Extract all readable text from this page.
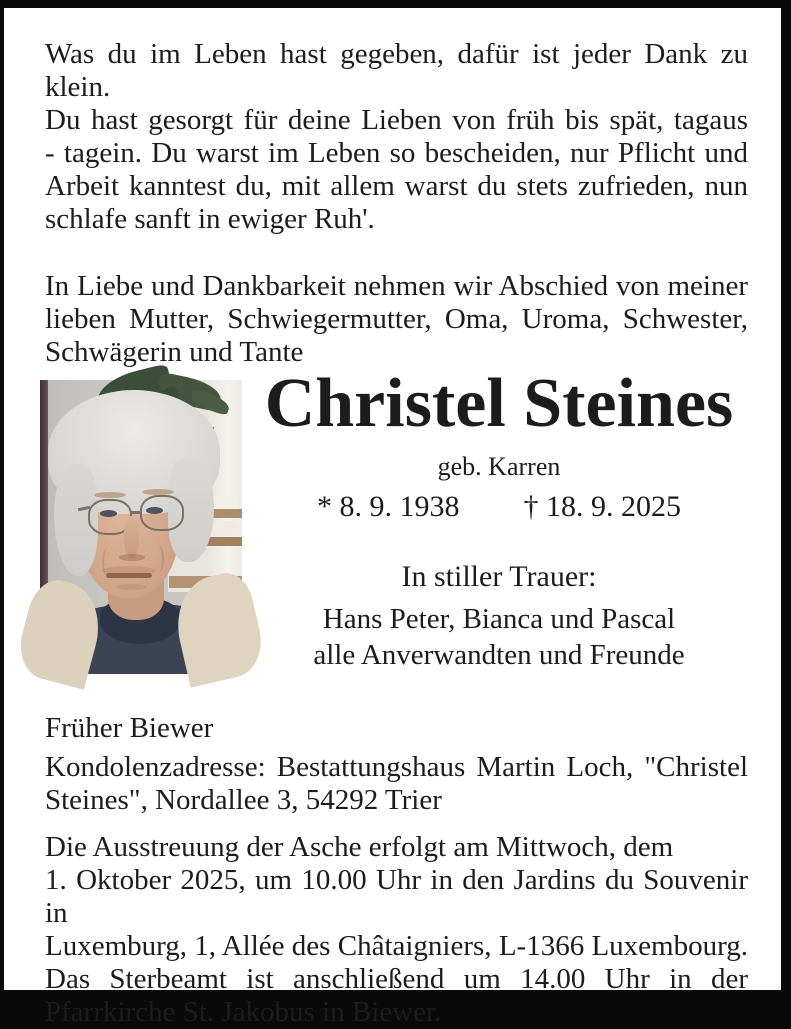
Was du im Leben hast gegeben, dafür ist jeder Dank zu klein.
Du hast gesorgt für deine Lieben von früh bis spät, tagaus
- tagein. Du warst im Leben so bescheiden, nur Pflicht und
Arbeit kanntest du, mit allem warst du stets zufrieden, nun
schlafe sanft in ewiger Ruh'.
In Liebe und Dankbarkeit nehmen wir Abschied von meiner
lieben Mutter, Schwiegermutter, Oma, Uroma, Schwester,
Schwägerin und Tante
Christel Steines
geb. Karren
* 8. 9. 1938 † 18. 9. 2025
In stiller Trauer:
Hans Peter, Bianca und Pascal
alle Anverwandten und Freunde
Früher Biewer
Kondolenzadresse: Bestattungshaus Martin Loch, "Christel
Steines", Nordallee 3, 54292 Trier
Die Ausstreuung der Asche erfolgt am Mittwoch, dem
1. Oktober 2025, um 10.00 Uhr in den Jardins du Souvenir in
Luxemburg, 1, Allée des Châtaigniers, L-1366 Luxembourg.
Das Sterbeamt ist anschließend um 14.00 Uhr in der
Pfarrkirche St. Jakobus in Biewer.
